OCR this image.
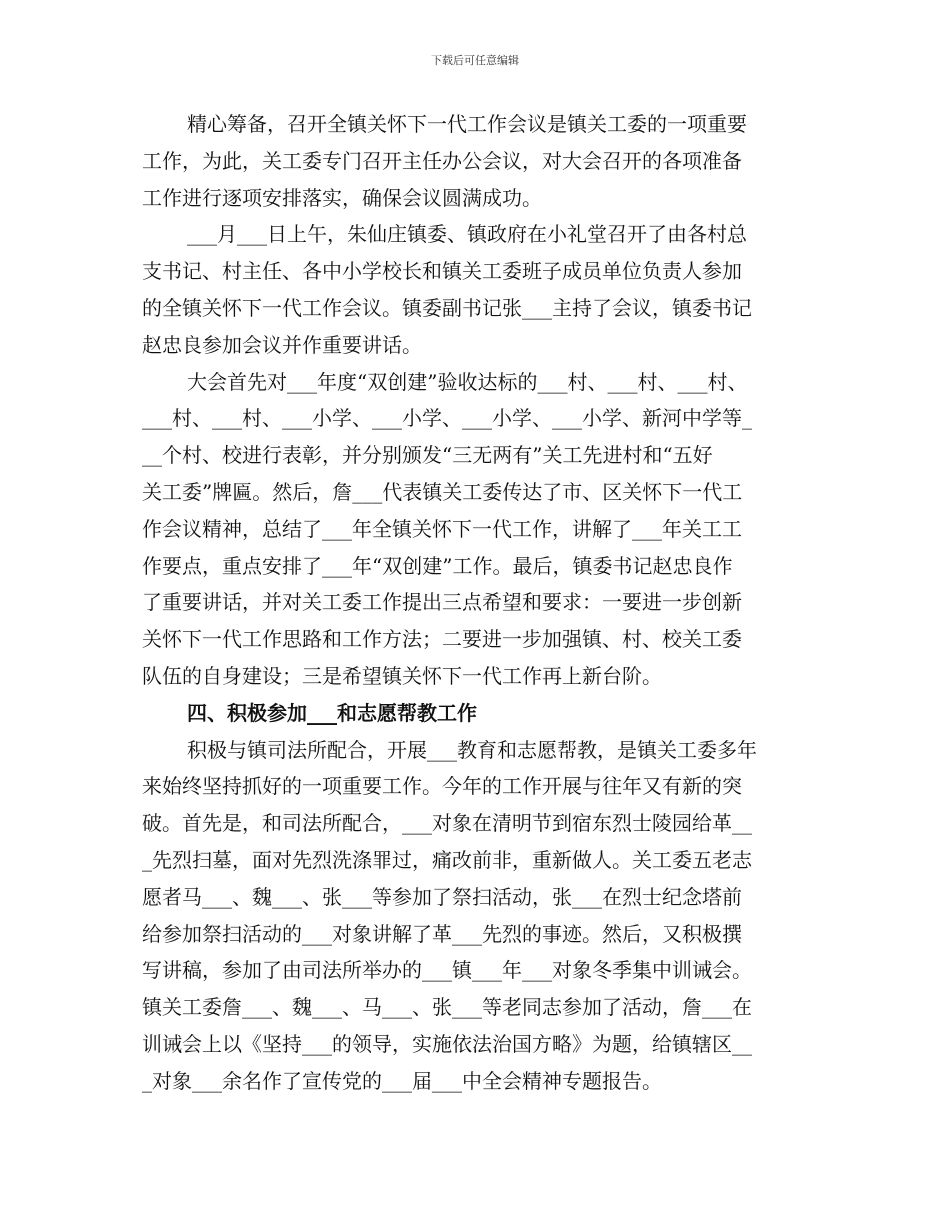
下载后可任意编辑
精心筹备，召开全镇关怀下一代工作会议是镇关工委的一项重要
工作，为此，关工委专门召开主任办公会议，对大会召开的各项准备
工作进行逐项安排落实，确保会议圆满成功。
___月___日上午，朱仙庄镇委、镇政府在小礼堂召开了由各村总
支书记、村主任、各中小学校长和镇关工委班子成员单位负责人参加
的全镇关怀下一代工作会议。镇委副书记张___主持了会议，镇委书记
赵忠良参加会议并作重要讲话。
大会首先对___年度“双创建”验收达标的___村、___村、___村、
___村、___村、___小学、___小学、___小学、___小学、新河中学等_
__个村、校进行表彰，并分别颁发“三无两有”关工先进村和“五好
关工委”牌匾。然后，詹___代表镇关工委传达了市、区关怀下一代工
作会议精神，总结了___年全镇关怀下一代工作，讲解了___年关工工
作要点，重点安排了___年“双创建”工作。最后，镇委书记赵忠良作
了重要讲话，并对关工委工作提出三点希望和要求：一要进一步创新
关怀下一代工作思路和工作方法；二要进一步加强镇、村、校关工委
队伍的自身建设；三是希望镇关怀下一代工作再上新台阶。
四、积极参加___和志愿帮教工作
积极与镇司法所配合，开展___教育和志愿帮教，是镇关工委多年
来始终坚持抓好的一项重要工作。今年的工作开展与往年又有新的突
破。首先是，和司法所配合，___对象在清明节到宿东烈士陵园给革__
_先烈扫墓，面对先烈洗涤罪过，痛改前非，重新做人。关工委五老志
愿者马___、魏___、张___等参加了祭扫活动，张___在烈士纪念塔前
给参加祭扫活动的___对象讲解了革___先烈的事迹。然后，又积极撰
写讲稿，参加了由司法所举办的___镇___年___对象冬季集中训诫会。
镇关工委詹___、魏___、马___、张___等老同志参加了活动，詹___在
训诫会上以《坚持___的领导，实施依法治国方略》为题，给镇辖区__
_对象___余名作了宣传党的___届___中全会精神专题报告。
